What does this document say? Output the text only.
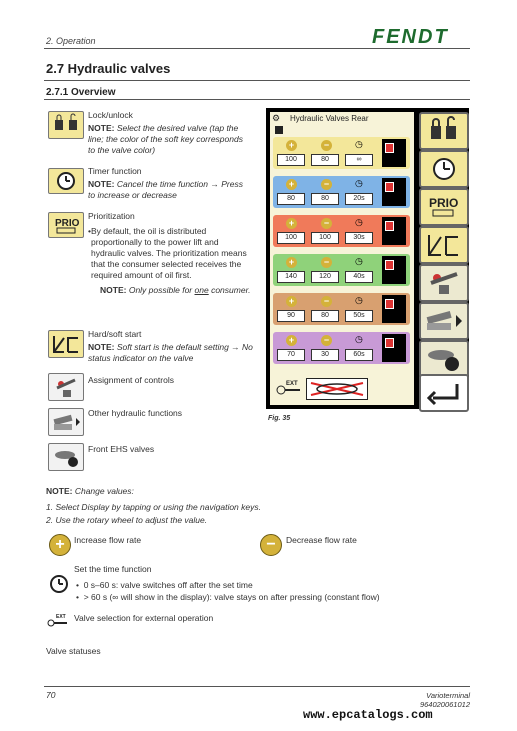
2. Operation	FENDT
2.7 Hydraulic valves
2.7.1 Overview
Lock/unlock
NOTE: Select the desired valve (tap the line; the color of the soft key corresponds to the valve color)
Timer function
NOTE: Cancel the time function → Press to increase or decrease
PRIO
Prioritization
• By default, the oil is distributed proportionally to the power lift and hydraulic valves. The prioritization means that the consumer selected receives the required amount of oil first.
NOTE: Only possible for one consumer.
Hard/soft start
NOTE: Soft start is the default setting → No status indicator on the valve
Assignment of controls
Other hydraulic functions
Front EHS valves
⚙ Hydraulic Valves Rear
+	−	◷
100	80	∞
+	−	◷
80	80	20s
+	−	◷
100	100	30s
+	−	◷
140	120	40s
+	−	◷
90	80	50s
+	−	◷
70	30	60s
PRIO
EXT
Fig. 35
NOTE: Change values:
1. Select Display by tapping or using the navigation keys.
2. Use the rotary wheel to adjust the value.
+	Increase flow rate	−	Decrease flow rate
Set the time function
•  0 s–60 s: valve switches off after the set time
•  > 60 s (∞ will show in the display): valve stays on after pressing (constant flow)
EXT Valve selection for external operation
Valve statuses
70	Varioterminal
964020061012
www.epcatalogs.com
